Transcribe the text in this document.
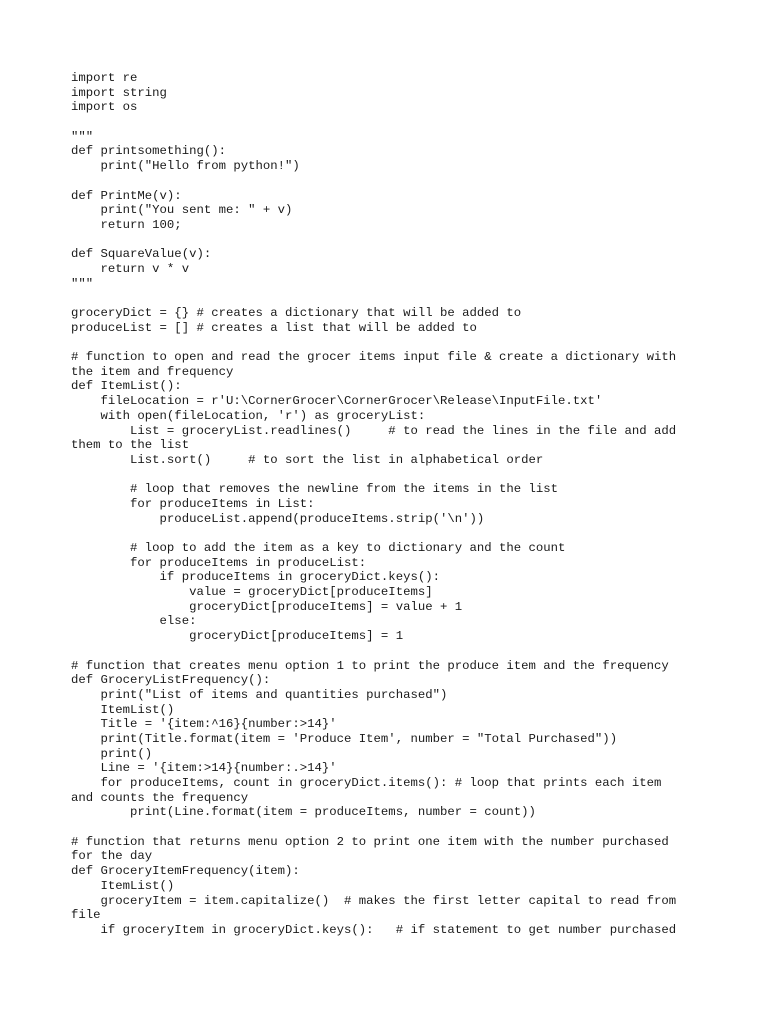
import re
import string
import os
"""
def printsomething():
print("Hello from python!")
def PrintMe(v):
print("You sent me: " + v)
return 100;
def SquareValue(v):
return v * v
"""
groceryDict = {} # creates a dictionary that will be added to
produceList = [] # creates a list that will be added to
# function to open and read the grocer items input file & create a dictionary with
the item and frequency
def ItemList():
fileLocation = r'U:\CornerGrocer\CornerGrocer\Release\InputFile.txt'
with open(fileLocation, 'r') as groceryList:
List = groceryList.readlines()     # to read the lines in the file and add
them to the list
List.sort()     # to sort the list in alphabetical order
# loop that removes the newline from the items in the list
for produceItems in List:
produceList.append(produceItems.strip('\n'))
# loop to add the item as a key to dictionary and the count
for produceItems in produceList:
if produceItems in groceryDict.keys():
value = groceryDict[produceItems]
groceryDict[produceItems] = value + 1
else:
groceryDict[produceItems] = 1
# function that creates menu option 1 to print the produce item and the frequency
def GroceryListFrequency():
print("List of items and quantities purchased")
ItemList()
Title = '{item:^16}{number:>14}'
print(Title.format(item = 'Produce Item', number = "Total Purchased"))
print()
Line = '{item:>14}{number:.>14}'
for produceItems, count in groceryDict.items(): # loop that prints each item
and counts the frequency
print(Line.format(item = produceItems, number = count))
# function that returns menu option 2 to print one item with the number purchased
for the day
def GroceryItemFrequency(item):
ItemList()
groceryItem = item.capitalize()  # makes the first letter capital to read from
file
if groceryItem in groceryDict.keys():   # if statement to get number purchased
